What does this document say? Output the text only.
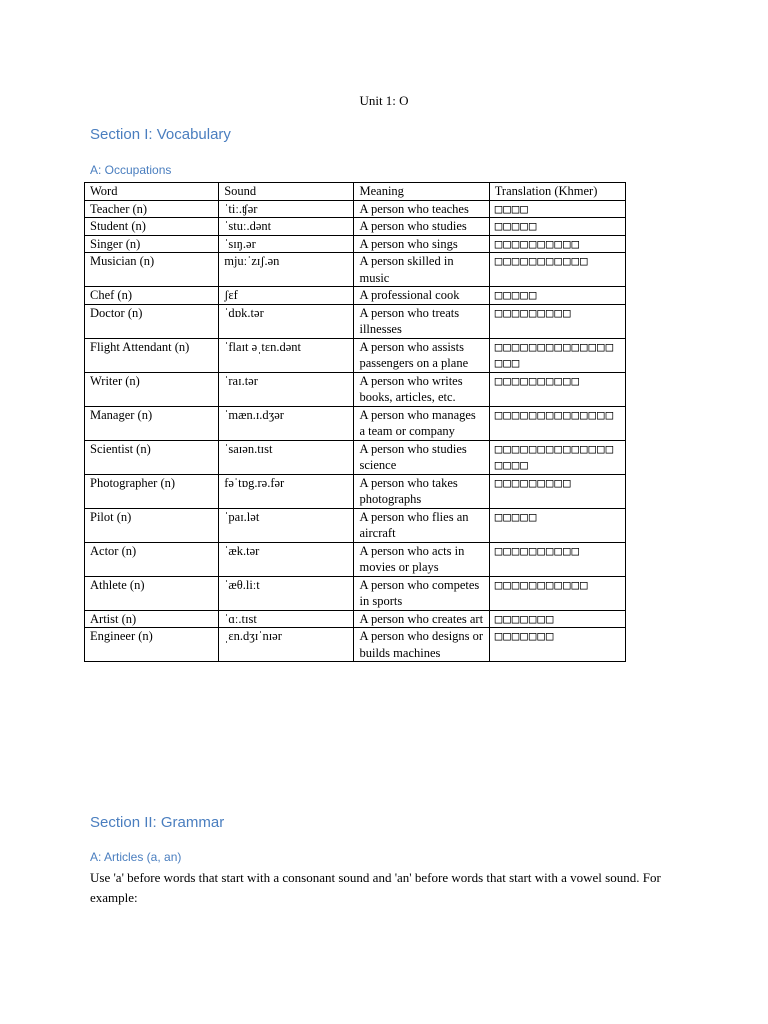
Unit 1: O
Section I: Vocabulary
A: Occupations
Word	Sound	Meaning	Translation (Khmer)
Teacher (n)	ˈtiː.ʧər	A person who teaches	□□□□
Student (n)	ˈstuː.dənt	A person who studies	□□□□□
Singer (n)	ˈsɪŋ.ər	A person who sings	□□□□□□□□□□
Musician (n)	mjuːˈzɪʃ.ən	A person skilled in music	□□□□□□□□□□□
Chef (n)	ʃɛf	A professional cook	□□□□□
Doctor (n)	ˈdɒk.tər	A person who treats illnesses	□□□□□□□□□
Flight Attendant (n)	ˈflaɪt əˌtɛn.dənt	A person who assists passengers on a plane	□□□□□□□□□□□□□□□□□
Writer (n)	ˈraɪ.tər	A person who writes books, articles, etc.	□□□□□□□□□□
Manager (n)	ˈmæn.ɪ.dʒər	A person who manages a team or company	□□□□□□□□□□□□□□
Scientist (n)	ˈsaɪən.tɪst	A person who studies science	□□□□□□□□□□□□□□□□□□
Photographer (n)	fəˈtɒg.rə.fər	A person who takes photographs	□□□□□□□□□
Pilot (n)	ˈpaɪ.lət	A person who flies an aircraft	□□□□□
Actor (n)	ˈæk.tər	A person who acts in movies or plays	□□□□□□□□□□
Athlete (n)	ˈæθ.liːt	A person who competes in sports	□□□□□□□□□□□
Artist (n)	ˈɑː.tɪst	A person who creates art	□□□□□□□
Engineer (n)	ˌɛn.dʒɪˈnɪər	A person who designs or builds machines	□□□□□□□
Section II: Grammar
A: Articles (a, an)
Use 'a' before words that start with a consonant sound and 'an' before words that start with a vowel sound. For example:
